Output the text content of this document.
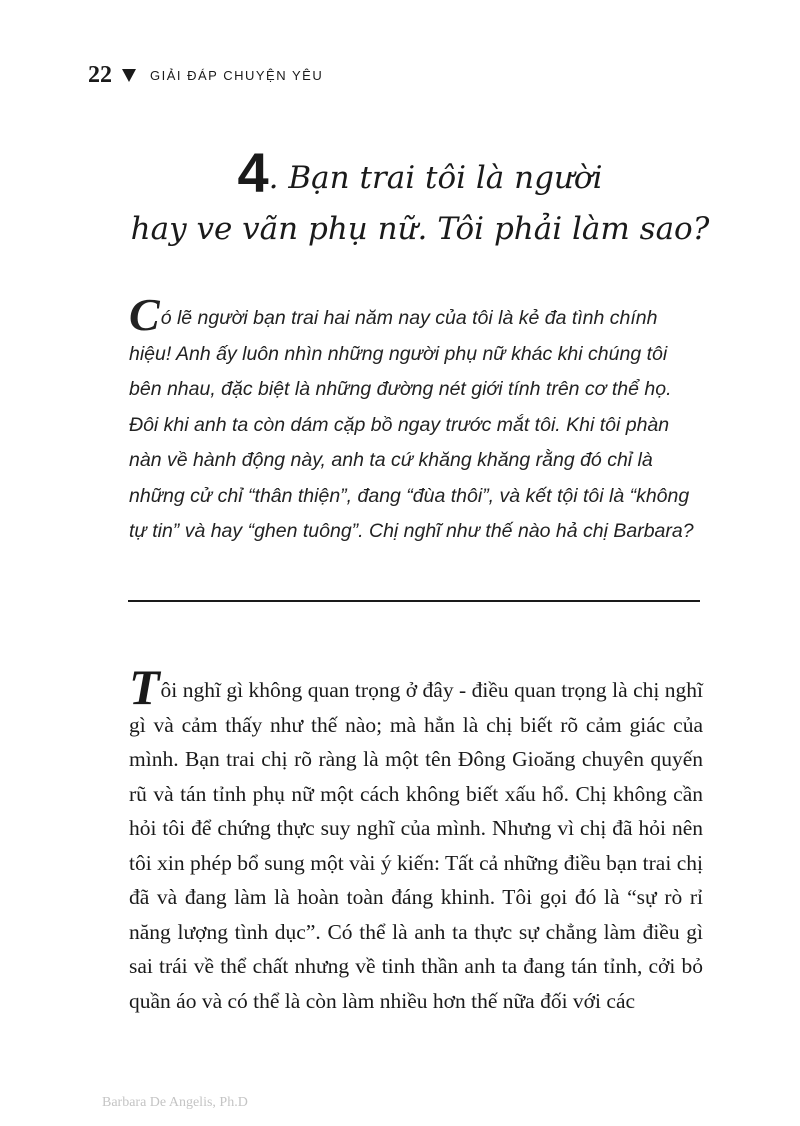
22	GIẢI ĐÁP CHUYỆN YÊU
4. Bạn trai tôi là người
hay ve vãn phụ nữ. Tôi phải làm sao?
Có lẽ người bạn trai hai năm nay của tôi là kẻ đa tình chính hiệu! Anh ấy luôn nhìn những người phụ nữ khác khi chúng tôi bên nhau, đặc biệt là những đường nét giới tính trên cơ thể họ. Đôi khi anh ta còn dám cặp bồ ngay trước mắt tôi. Khi tôi phàn nàn về hành động này, anh ta cứ khăng khăng rằng đó chỉ là những cử chỉ “thân thiện”, đang “đùa thôi”, và kết tội tôi là “không tự tin” và hay “ghen tuông”. Chị nghĩ như thế nào hả chị Barbara?
Tôi nghĩ gì không quan trọng ở đây - điều quan trọng là chị nghĩ gì và cảm thấy như thế nào; mà hẳn là chị biết rõ cảm giác của mình. Bạn trai chị rõ ràng là một tên Đông Gioăng chuyên quyến rũ và tán tỉnh phụ nữ một cách không biết xấu hổ. Chị không cần hỏi tôi để chứng thực suy nghĩ của mình. Nhưng vì chị đã hỏi nên tôi xin phép bổ sung một vài ý kiến: Tất cả những điều bạn trai chị đã và đang làm là hoàn toàn đáng khinh. Tôi gọi đó là “sự rò rỉ năng lượng tình dục”. Có thể là anh ta thực sự chẳng làm điều gì sai trái về thể chất nhưng về tinh thần anh ta đang tán tỉnh, cởi bỏ quần áo và có thể là còn làm nhiều hơn thế nữa đối với các
Barbara De Angelis, Ph.D
